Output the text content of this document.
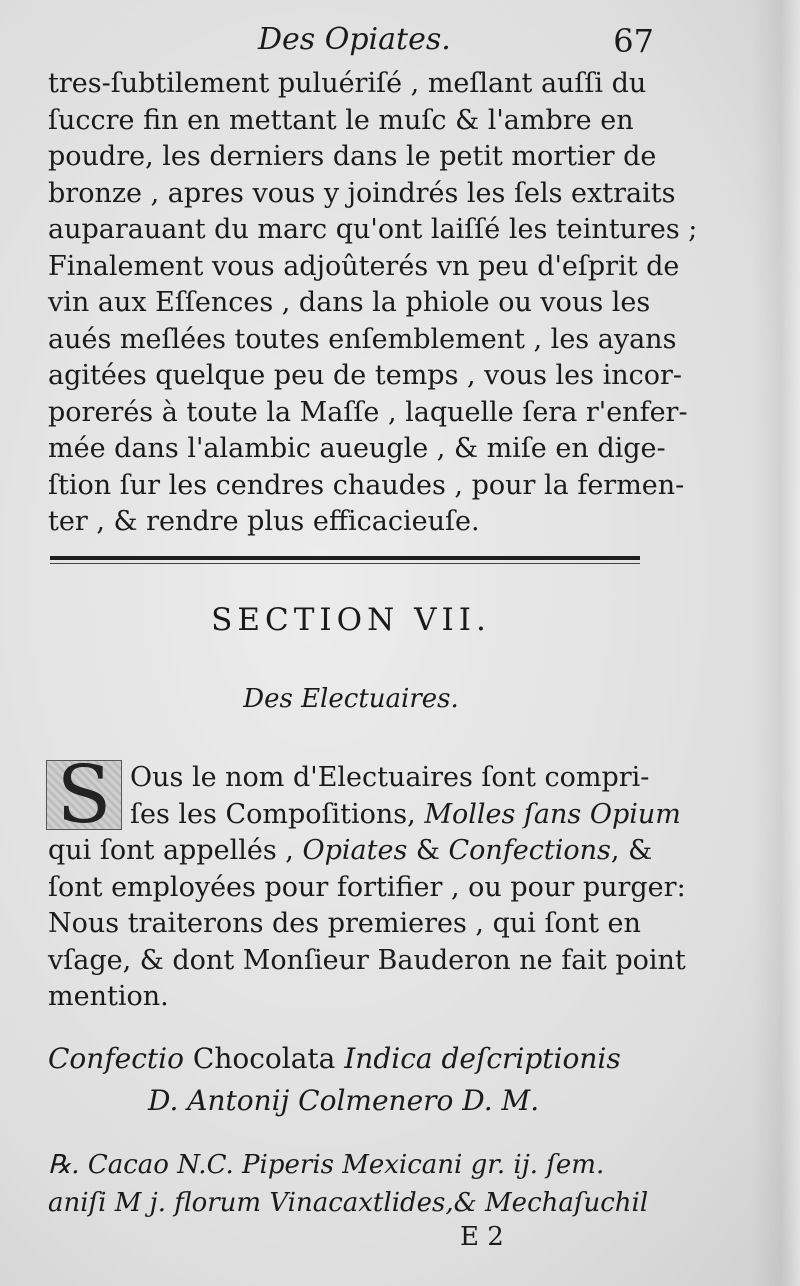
Des Opiates.	67

tres-ſubtilement puluériſé , meſlant auſſi du
ſuccre fin en mettant le muſc & l'ambre en
poudre, les derniers dans le petit mortier de
bronze , apres vous y joindrés les ſels extraits
auparauant du marc qu'ont laiſſé les teintures ;
Finalement vous adjoûterés vn peu d'eſprit de
vin aux Eſſences , dans la phiole ou vous les
aués meſlées toutes enſemblement , les ayans
agitées quelque peu de temps , vous les incor-
porerés à toute la Maſſe , laquelle ſera r'enfer-
mée dans l'alambic aueugle , & miſe en dige-
ſtion ſur les cendres chaudes , pour la fermen-
ter , & rendre plus efficacieuſe.

SECTION VII.
Des Electuaires.
S Ous le nom d'Electuaires ſont compri-
ſes les Compoſitions, Molles ſans Opium

qui ſont appellés , Opiates & Confections, &
ſont employées pour fortifier , ou pour purger:
Nous traiterons des premieres , qui ſont en
vſage, & dont Monſieur Bauderon ne fait point
mention.

Confectio Chocolata Indica deſcriptionis
D. Antonij Colmenero D. M.
℞. Cacao N.C. Piperis Mexicani gr. ij. ſem.
aniſi M j. florum Vinacaxtlides,& Mechaſuchil
E 2
